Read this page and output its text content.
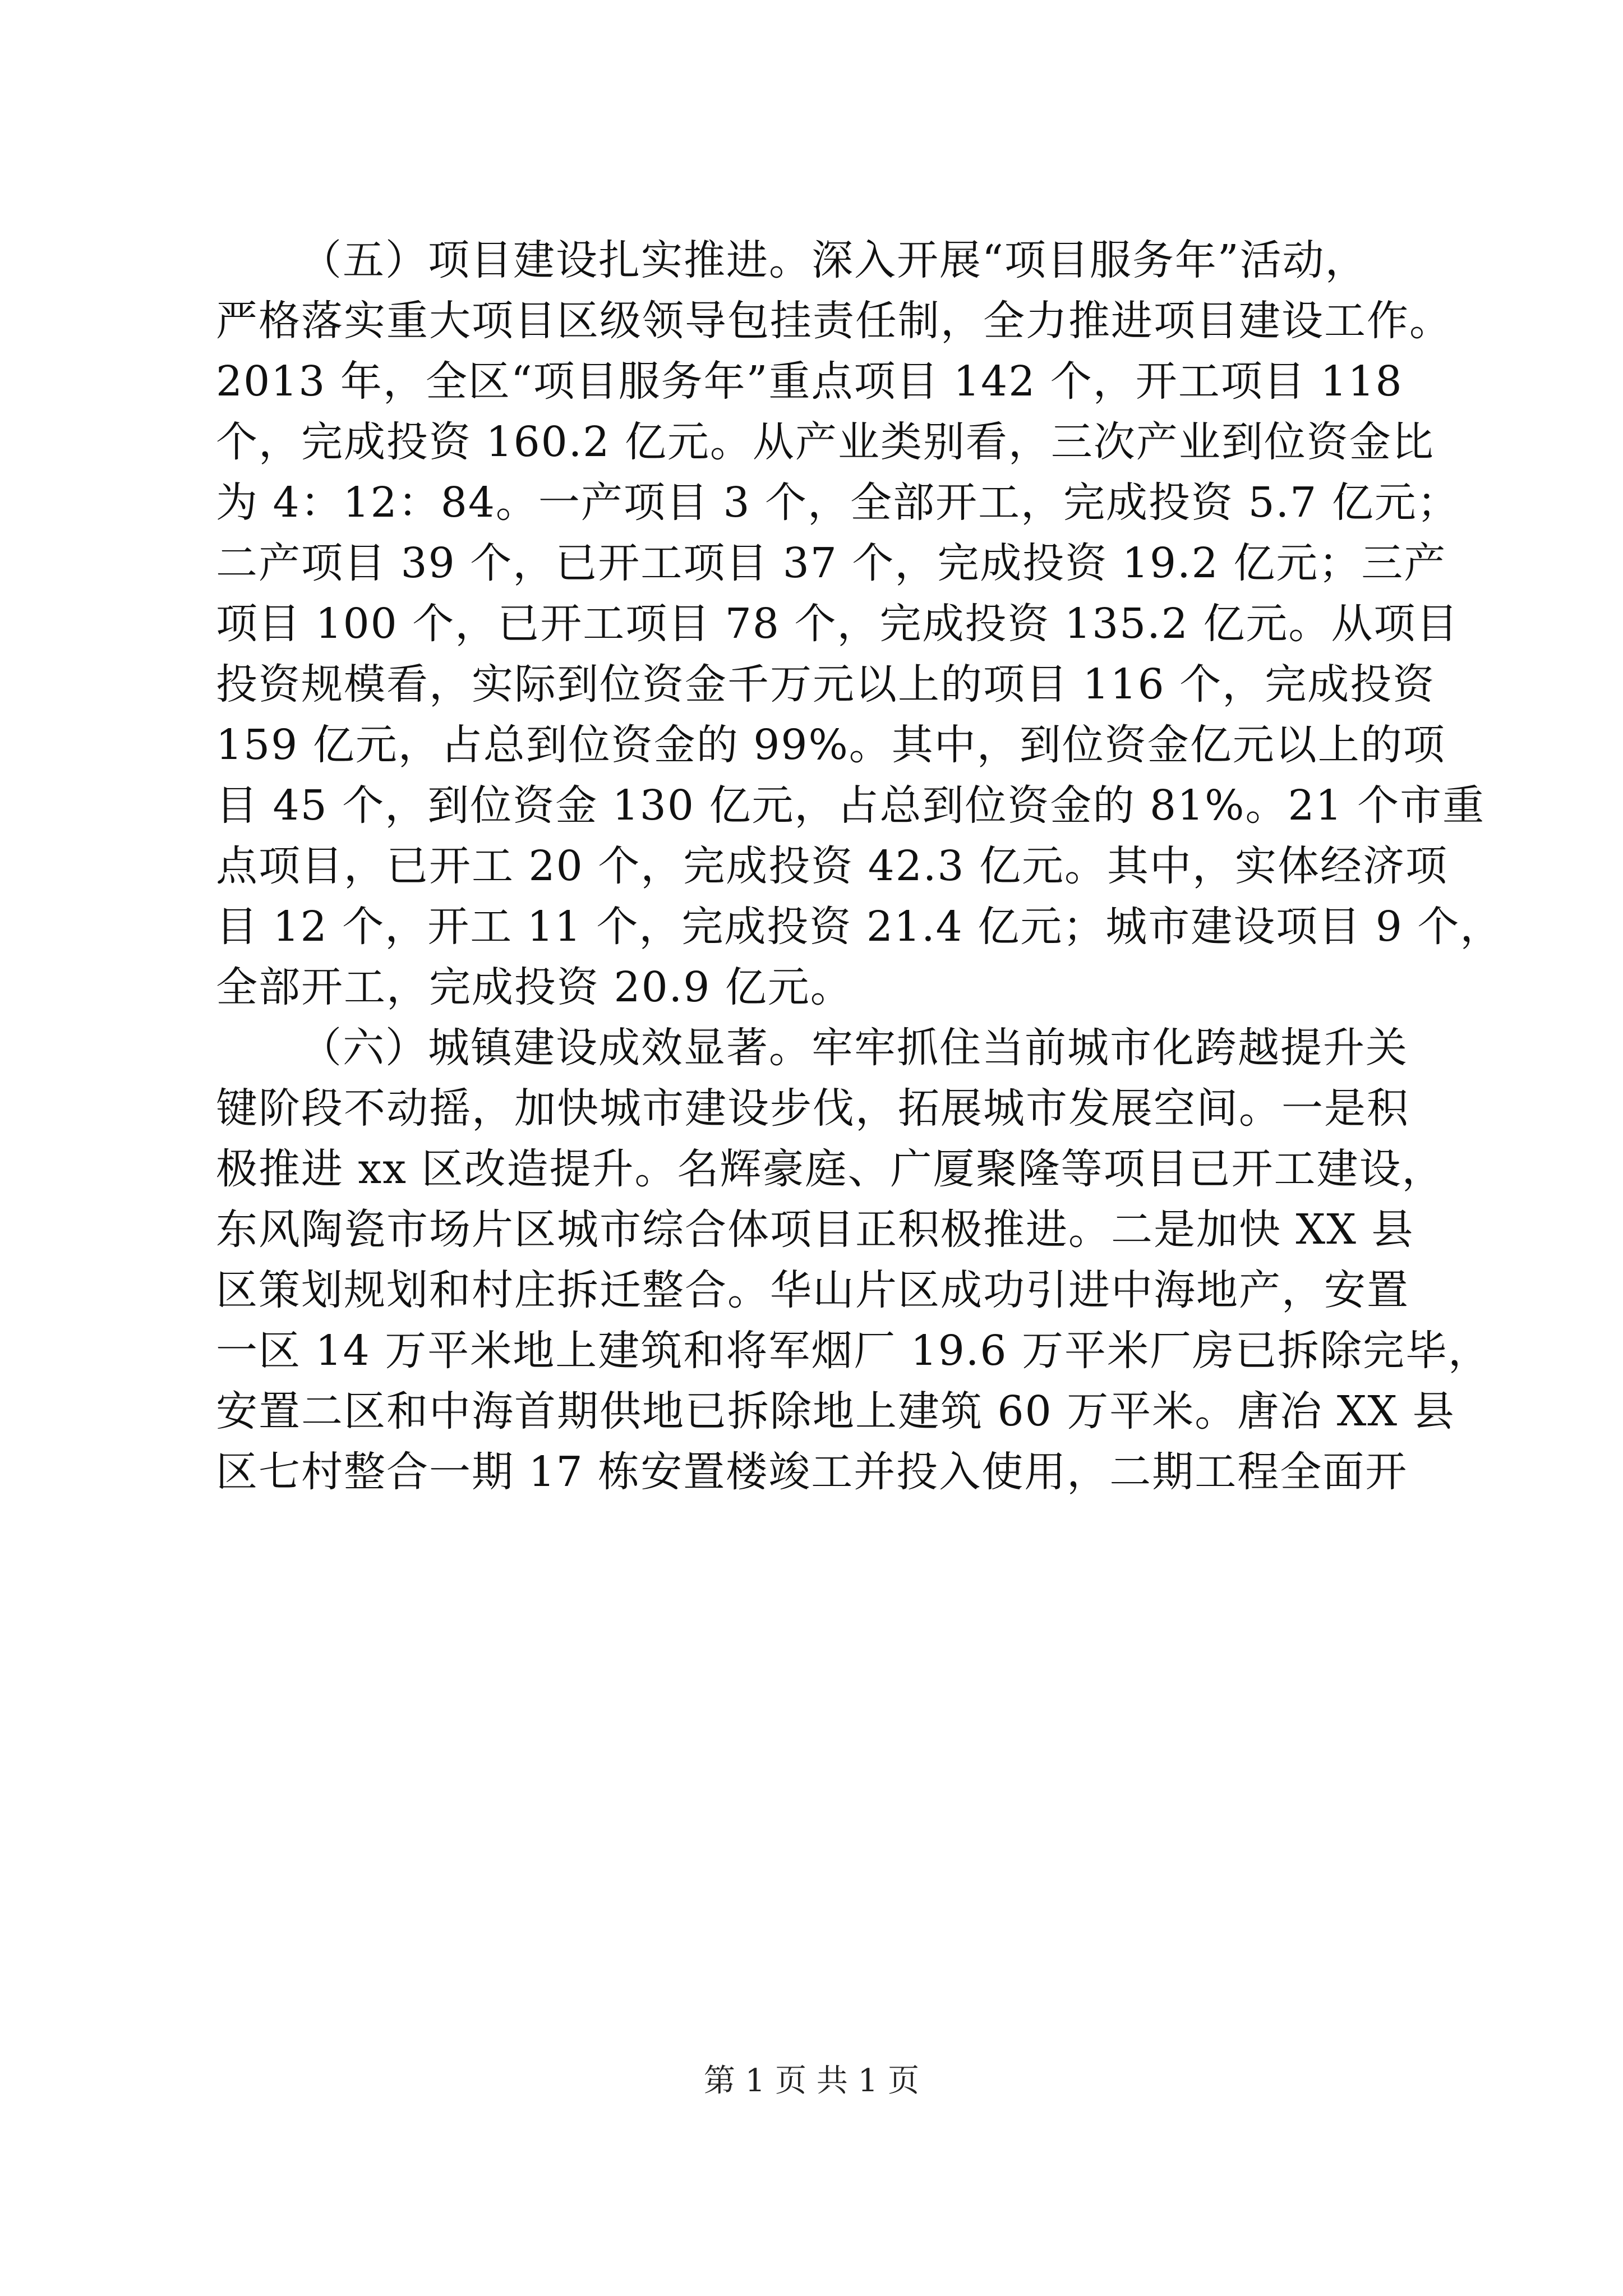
（五）项目建设扎实推进。深入开展“项目服务年”活动，
严格落实重大项目区级领导包挂责任制，全力推进项目建设工作。
2013 年，全区“项目服务年”重点项目 142 个，开工项目 118
个，完成投资 160.2 亿元。从产业类别看，三次产业到位资金比
为 4：12：84。一产项目 3 个，全部开工，完成投资 5.7 亿元；
二产项目 39 个，已开工项目 37 个，完成投资 19.2 亿元；三产
项目 100 个，已开工项目 78 个，完成投资 135.2 亿元。从项目
投资规模看，实际到位资金千万元以上的项目 116 个，完成投资
159 亿元，占总到位资金的 99%。其中，到位资金亿元以上的项
目 45 个，到位资金 130 亿元，占总到位资金的 81%。21 个市重
点项目，已开工 20 个，完成投资 42.3 亿元。其中，实体经济项
目 12 个，开工 11 个，完成投资 21.4 亿元；城市建设项目 9 个，
全部开工，完成投资 20.9 亿元。
（六）城镇建设成效显著。牢牢抓住当前城市化跨越提升关
键阶段不动摇，加快城市建设步伐，拓展城市发展空间。一是积
极推进 xx 区改造提升。名辉豪庭、广厦聚隆等项目已开工建设，
东风陶瓷市场片区城市综合体项目正积极推进。二是加快 XX 县
区策划规划和村庄拆迁整合。华山片区成功引进中海地产，安置
一区 14 万平米地上建筑和将军烟厂 19.6 万平米厂房已拆除完毕，
安置二区和中海首期供地已拆除地上建筑 60 万平米。唐冶 XX 县
区七村整合一期 17 栋安置楼竣工并投入使用，二期工程全面开
第 1 页 共 1 页
